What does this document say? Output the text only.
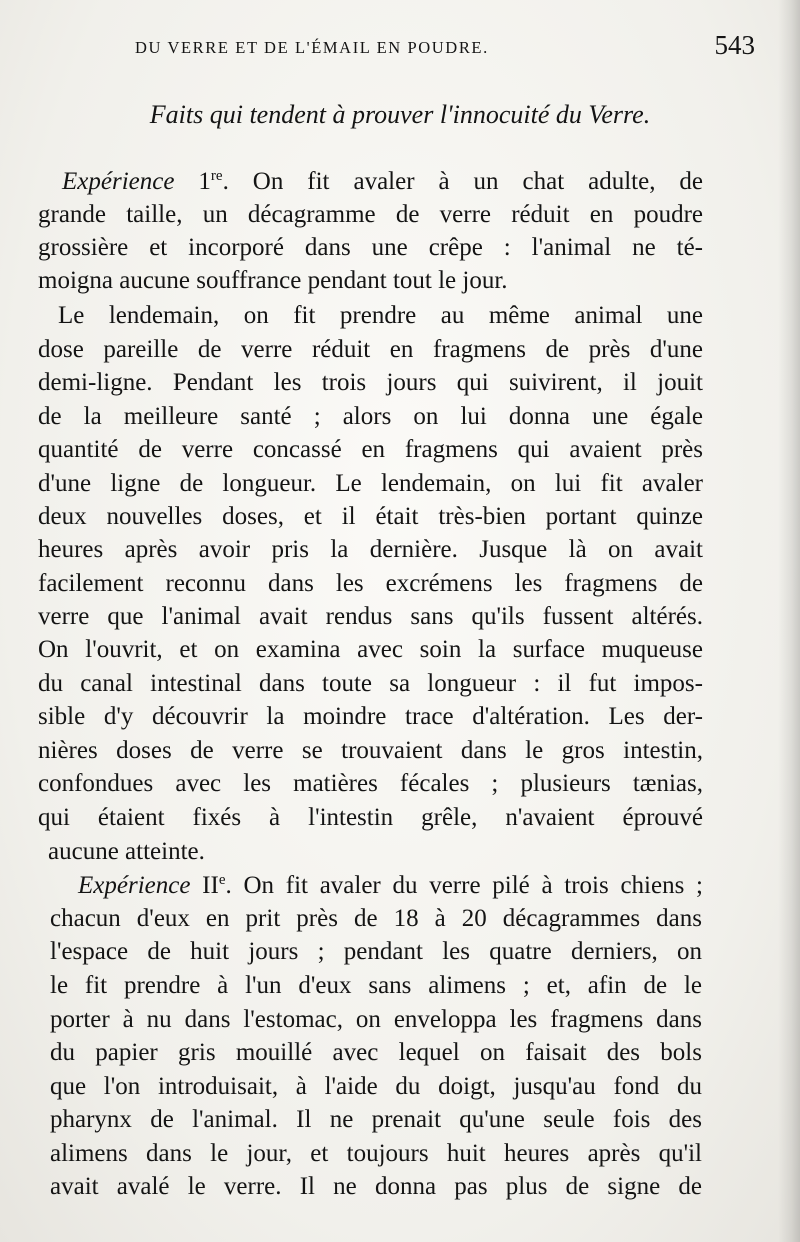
DU VERRE ET DE L'ÉMAIL EN POUDRE.	543
Faits qui tendent à prouver l'innocuité du Verre.
Expérience 1re. On fit avaler à un chat adulte, de
grande taille, un décagramme de verre réduit en poudre
grossière et incorporé dans une crêpe : l'animal ne té-
moigna aucune souffrance pendant tout le jour.
Le lendemain, on fit prendre au même animal une
dose pareille de verre réduit en fragmens de près d'une
demi-ligne. Pendant les trois jours qui suivirent, il jouit
de la meilleure santé ; alors on lui donna une égale
quantité de verre concassé en fragmens qui avaient près
d'une ligne de longueur. Le lendemain, on lui fit avaler
deux nouvelles doses, et il était très-bien portant quinze
heures après avoir pris la dernière. Jusque là on avait
facilement reconnu dans les excrémens les fragmens de
verre que l'animal avait rendus sans qu'ils fussent altérés.
On l'ouvrit, et on examina avec soin la surface muqueuse
du canal intestinal dans toute sa longueur : il fut impos-
sible d'y découvrir la moindre trace d'altération. Les der-
nières doses de verre se trouvaient dans le gros intestin,
confondues avec les matières fécales ; plusieurs tænias,
qui étaient fixés à l'intestin grêle, n'avaient éprouvé
aucune atteinte.
Expérience IIe. On fit avaler du verre pilé à trois chiens ;
chacun d'eux en prit près de 18 à 20 décagrammes dans
l'espace de huit jours ; pendant les quatre derniers, on
le fit prendre à l'un d'eux sans alimens ; et, afin de le
porter à nu dans l'estomac, on enveloppa les fragmens dans
du papier gris mouillé avec lequel on faisait des bols
que l'on introduisait, à l'aide du doigt, jusqu'au fond du
pharynx de l'animal. Il ne prenait qu'une seule fois des
alimens dans le jour, et toujours huit heures après qu'il
avait avalé le verre. Il ne donna pas plus de signe de
